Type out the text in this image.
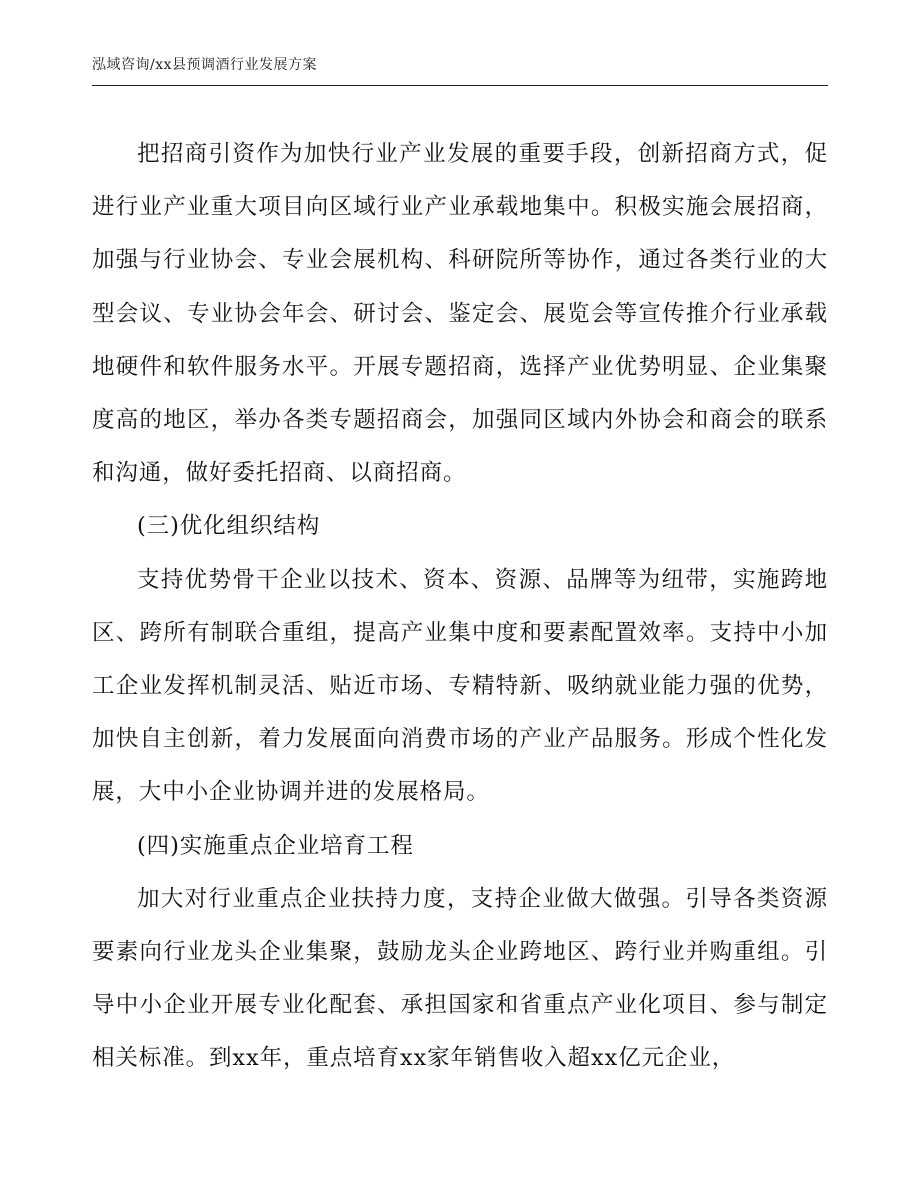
泓域咨询/xx县预调酒行业发展方案

把招商引资作为加快行业产业发展的重要手段，创新招商方式，促进行业产业重大项目向区域行业产业承载地集中。积极实施会展招商，加强与行业协会、专业会展机构、科研院所等协作，通过各类行业的大型会议、专业协会年会、研讨会、鉴定会、展览会等宣传推介行业承载地硬件和软件服务水平。开展专题招商，选择产业优势明显、企业集聚度高的地区，举办各类专题招商会，加强同区域内外协会和商会的联系和沟通，做好委托招商、以商招商。

(三)优化组织结构

支持优势骨干企业以技术、资本、资源、品牌等为纽带，实施跨地区、跨所有制联合重组，提高产业集中度和要素配置效率。支持中小加工企业发挥机制灵活、贴近市场、专精特新、吸纳就业能力强的优势，加快自主创新，着力发展面向消费市场的产业产品服务。形成个性化发展，大中小企业协调并进的发展格局。

(四)实施重点企业培育工程

加大对行业重点企业扶持力度，支持企业做大做强。引导各类资源要素向行业龙头企业集聚，鼓励龙头企业跨地区、跨行业并购重组。引导中小企业开展专业化配套、承担国家和省重点产业化项目、参与制定相关标准。到xx年，重点培育xx家年销售收入超xx亿元企业，
